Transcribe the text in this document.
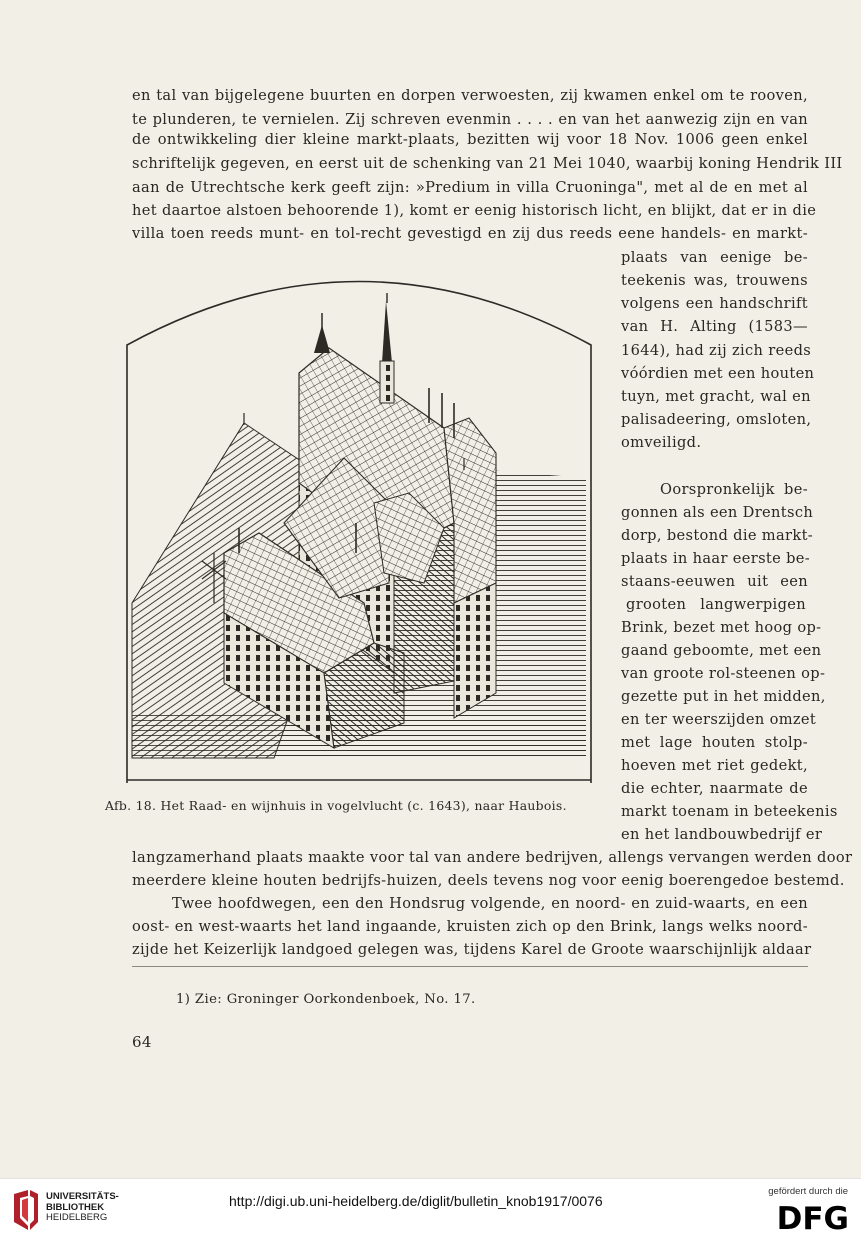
en tal van bijgelegene buurten en dorpen verwoesten, zij kwamen enkel om te rooven,
te plunderen, te vernielen. Zij schreven evenmin . . . . en van het aanwezig zijn en van
de ontwikkeling dier kleine markt-plaats, bezitten wij voor 18 Nov. 1006 geen enkel
schriftelijk gegeven, en eerst uit de schenking van 21 Mei 1040, waarbij koning Hendrik III
aan de Utrechtsche kerk geeft zijn: »Predium in villa Cruoninga", met al de en met al
het daartoe alstoen behoorende 1), komt er eenig historisch licht, en blijkt, dat er in die
villa toen reeds munt- en tol-recht gevestigd en zij dus reeds eene handels- en markt-
Afb. 18. Het Raad- en wijnhuis in vogelvlucht (c. 1643), naar Haubois.
plaats van eenige be-
teekenis was, trouwens
volgens een handschrift
van H. Alting (1583—
1644), had zij zich reeds
vóórdien met een houten
tuyn, met gracht, wal en
palisadeering, omsloten,
omveiligd.
Oorspronkelijk be-
gonnen als een Drentsch
dorp, bestond die markt-
plaats in haar eerste be-
staans-eeuwen uit een
grooten langwerpigen
Brink, bezet met hoog op-
gaand geboomte, met een
van groote rol-steenen op-
gezette put in het midden,
en ter weerszijden omzet
met lage houten stolp-
hoeven met riet gedekt,
die echter, naarmate de
markt toenam in beteekenis
en het landbouwbedrijf er
langzamerhand plaats maakte voor tal van andere bedrijven, allengs vervangen werden door
meerdere kleine houten bedrijfs-huizen, deels tevens nog voor eenig boerengedoe bestemd.
Twee hoofdwegen, een den Hondsrug volgende, en noord- en zuid-waarts, en een
oost- en west-waarts het land ingaande, kruisten zich op den Brink, langs welks noord-
zijde het Keizerlijk landgoed gelegen was, tijdens Karel de Groote waarschijnlijk aldaar
1) Zie: Groninger Oorkondenboek, No. 17.
64
UNIVERSITÄTS-
BIBLIOTHEK
HEIDELBERG
http://digi.ub.uni-heidelberg.de/diglit/bulletin_knob1917/0076
gefördert durch die
DFG
